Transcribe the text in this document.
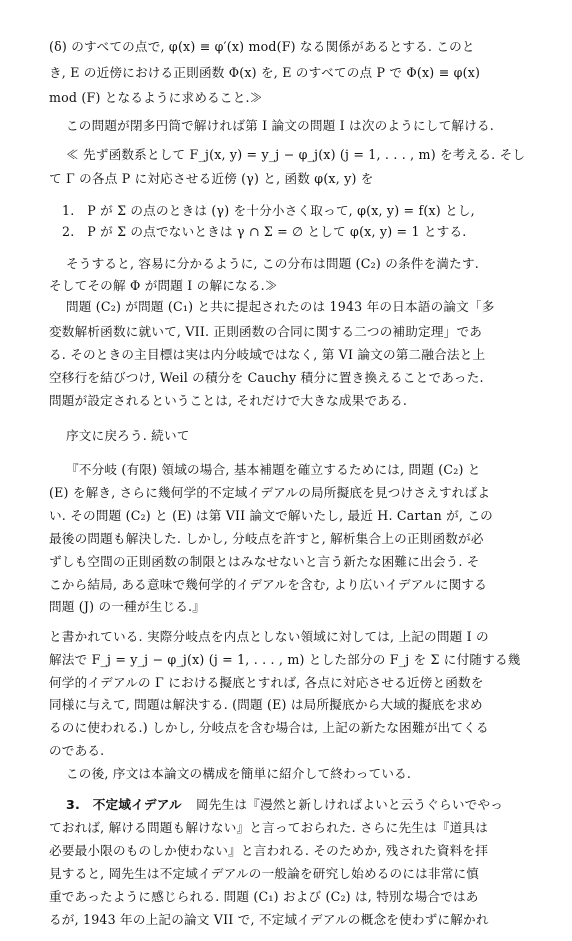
(δ) のすべての点で, φ(x) ≡ φ′(x) mod(F) なる関係があるとする. このと
き, E の近傍における正則函数 Φ(x) を, E のすべての点 P で Φ(x) ≡ φ(x)
mod (F) となるように求めること.≫
この問題が閉多円筒で解ければ第 I 論文の問題 I は次のようにして解ける.
≪ 先ず函数系として F_j(x, y) = y_j − φ_j(x) (j = 1, . . . , m) を考える. そし
て Γ の各点 P に対応させる近傍 (γ) と, 函数 φ(x, y) を
1.　P が Σ の点のときは (γ) を十分小さく取って, φ(x, y) = f(x) とし,
2.　P が Σ の点でないときは γ ∩ Σ = ∅ として φ(x, y) = 1 とする.
そうすると, 容易に分かるように, この分布は問題 (C₂) の条件を満たす.
そしてその解 Φ が問題 I の解になる.≫
問題 (C₂) が問題 (C₁) と共に提起されたのは 1943 年の日本語の論文「多
変数解析函数に就いて, VII. 正則函数の合同に関する二つの補助定理」であ
る. そのときの主目標は実は内分岐域ではなく, 第 VI 論文の第二融合法と上
空移行を結びつけ, Weil の積分を Cauchy 積分に置き換えることであった.
問題が設定されるということは, それだけで大きな成果である.
序文に戻ろう. 続いて
『不分岐 (有限) 領域の場合, 基本補題を確立するためには, 問題 (C₂) と
(E) を解き, さらに幾何学的不定域イデアルの局所擬底を見つけさえすればよ
い. その問題 (C₂) と (E) は第 VII 論文で解いたし, 最近 H. Cartan が, この
最後の問題も解決した. しかし, 分岐点を許すと, 解析集合上の正則函数が必
ずしも空間の正則函数の制限とはみなせないと言う新たな困難に出会う. そ
こから結局, ある意味で幾何学的イデアルを含む, より広いイデアルに関する
問題 (J) の一種が生じる.』
と書かれている. 実際分岐点を内点としない領域に対しては, 上記の問題 I の
解法で F_j = y_j − φ_j(x) (j = 1, . . . , m) とした部分の F_j を Σ に付随する幾
何学的イデアルの Γ における擬底とすれば, 各点に対応させる近傍と函数を
同様に与えて, 問題は解決する. (問題 (E) は局所擬底から大域的擬底を求め
るのに使われる.) しかし, 分岐点を含む場合は, 上記の新たな困難が出てくる
のである.
この後, 序文は本論文の構成を簡単に紹介して終わっている.
3.　不定域イデアル 岡先生は『漫然と新しければよいと云うぐらいでやっ
ておれば, 解ける問題も解けない』と言っておられた. さらに先生は『道具は
必要最小限のものしか使わない』と言われる. そのためか, 残された資料を拝
見すると, 岡先生は不定域イデアルの一般論を研究し始めるのには非常に慎
重であったように感じられる. 問題 (C₁) および (C₂) は, 特別な場合ではあ
るが, 1943 年の上記の論文 VII で, 不定域イデアルの概念を使わずに解かれ
